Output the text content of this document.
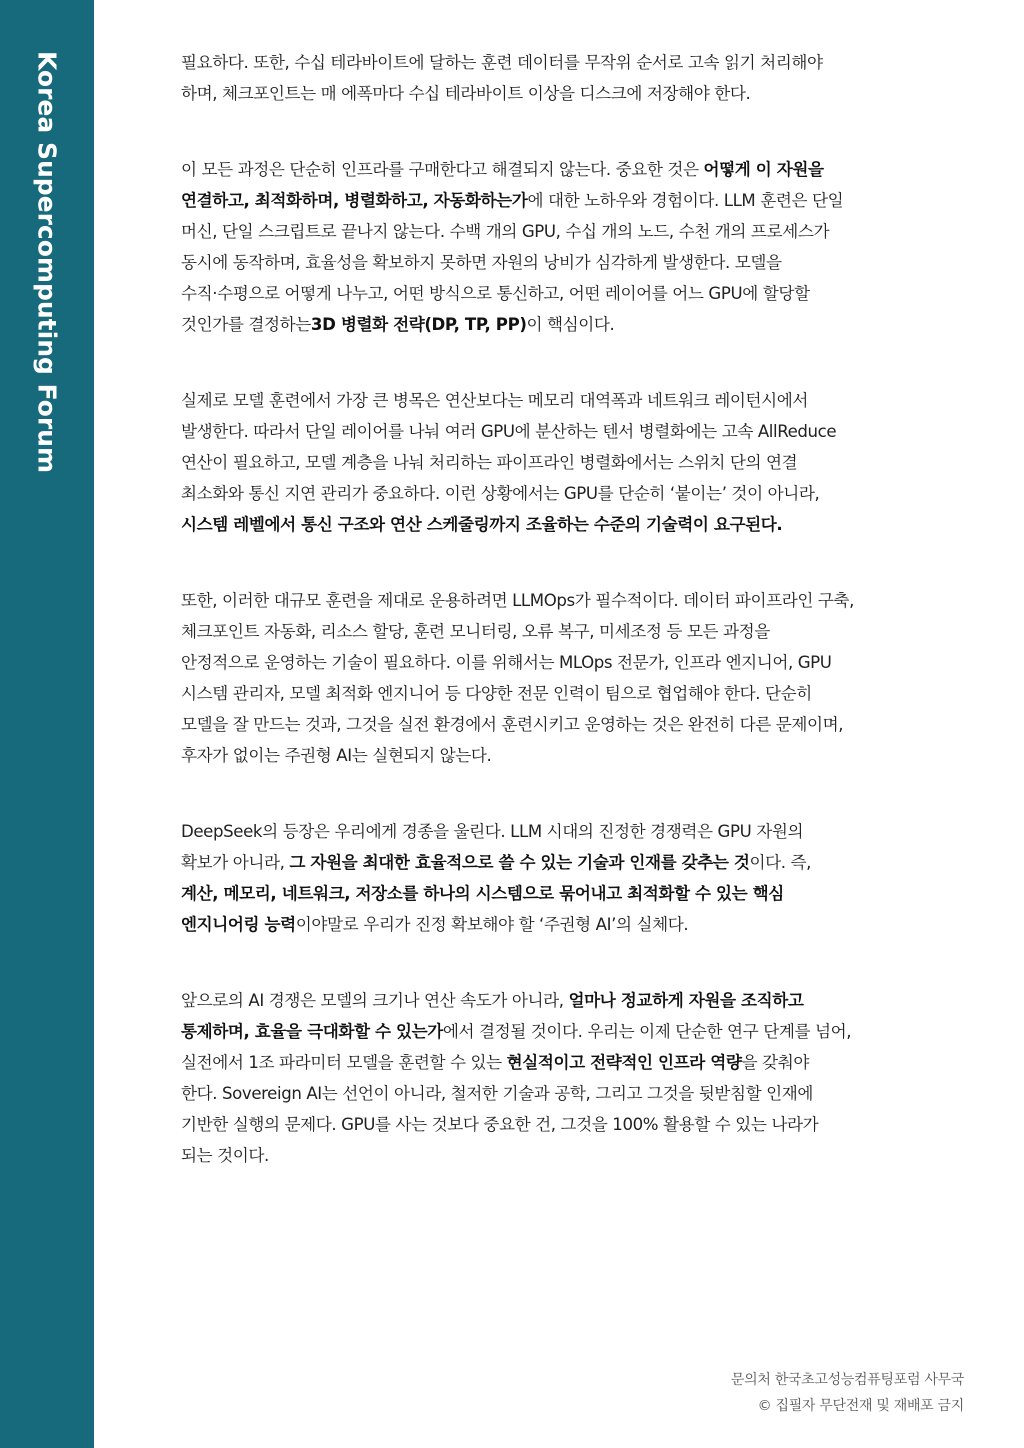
Korea Supercomputing Forum	필요하다. 또한, 수십 테라바이트에 달하는 훈련 데이터를 무작위 순서로 고속 읽기 처리해야
하며, 체크포인트는 매 에폭마다 수십 테라바이트 이상을 디스크에 저장해야 한다.

이 모든 과정은 단순히 인프라를 구매한다고 해결되지 않는다. 중요한 것은 어떻게 이 자원을
연결하고, 최적화하며, 병렬화하고, 자동화하는가에 대한 노하우와 경험이다. LLM 훈련은 단일
머신, 단일 스크립트로 끝나지 않는다. 수백 개의 GPU, 수십 개의 노드, 수천 개의 프로세스가
동시에 동작하며, 효율성을 확보하지 못하면 자원의 낭비가 심각하게 발생한다. 모델을
수직·수평으로 어떻게 나누고, 어떤 방식으로 통신하고, 어떤 레이어를 어느 GPU에 할당할
것인가를 결정하는3D 병렬화 전략(DP, TP, PP)이 핵심이다.

실제로 모델 훈련에서 가장 큰 병목은 연산보다는 메모리 대역폭과 네트워크 레이턴시에서
발생한다. 따라서 단일 레이어를 나눠 여러 GPU에 분산하는 텐서 병렬화에는 고속 AllReduce
연산이 필요하고, 모델 계층을 나눠 처리하는 파이프라인 병렬화에서는 스위치 단의 연결
최소화와 통신 지연 관리가 중요하다. 이런 상황에서는 GPU를 단순히 ‘붙이는’ 것이 아니라,
시스템 레벨에서 통신 구조와 연산 스케줄링까지 조율하는 수준의 기술력이 요구된다.

또한, 이러한 대규모 훈련을 제대로 운용하려면 LLMOps가 필수적이다. 데이터 파이프라인 구축,
체크포인트 자동화, 리소스 할당, 훈련 모니터링, 오류 복구, 미세조정 등 모든 과정을
안정적으로 운영하는 기술이 필요하다. 이를 위해서는 MLOps 전문가, 인프라 엔지니어, GPU
시스템 관리자, 모델 최적화 엔지니어 등 다양한 전문 인력이 팀으로 협업해야 한다. 단순히
모델을 잘 만드는 것과, 그것을 실전 환경에서 훈련시키고 운영하는 것은 완전히 다른 문제이며,
후자가 없이는 주권형 AI는 실현되지 않는다.

DeepSeek의 등장은 우리에게 경종을 울린다. LLM 시대의 진정한 경쟁력은 GPU 자원의
확보가 아니라, 그 자원을 최대한 효율적으로 쓸 수 있는 기술과 인재를 갖추는 것이다. 즉,
계산, 메모리, 네트워크, 저장소를 하나의 시스템으로 묶어내고 최적화할 수 있는 핵심
엔지니어링 능력이야말로 우리가 진정 확보해야 할 ‘주권형 AI’의 실체다.

앞으로의 AI 경쟁은 모델의 크기나 연산 속도가 아니라, 얼마나 정교하게 자원을 조직하고
통제하며, 효율을 극대화할 수 있는가에서 결정될 것이다. 우리는 이제 단순한 연구 단계를 넘어,
실전에서 1조 파라미터 모델을 훈련할 수 있는 현실적이고 전략적인 인프라 역량을 갖춰야
한다. Sovereign AI는 선언이 아니라, 철저한 기술과 공학, 그리고 그것을 뒷받침할 인재에
기반한 실행의 문제다. GPU를 사는 것보다 중요한 건, 그것을 100% 활용할 수 있는 나라가
되는 것이다.

문의처 한국초고성능컴퓨팅포럼 사무국
© 집필자 무단전재 및 재배포 금지
